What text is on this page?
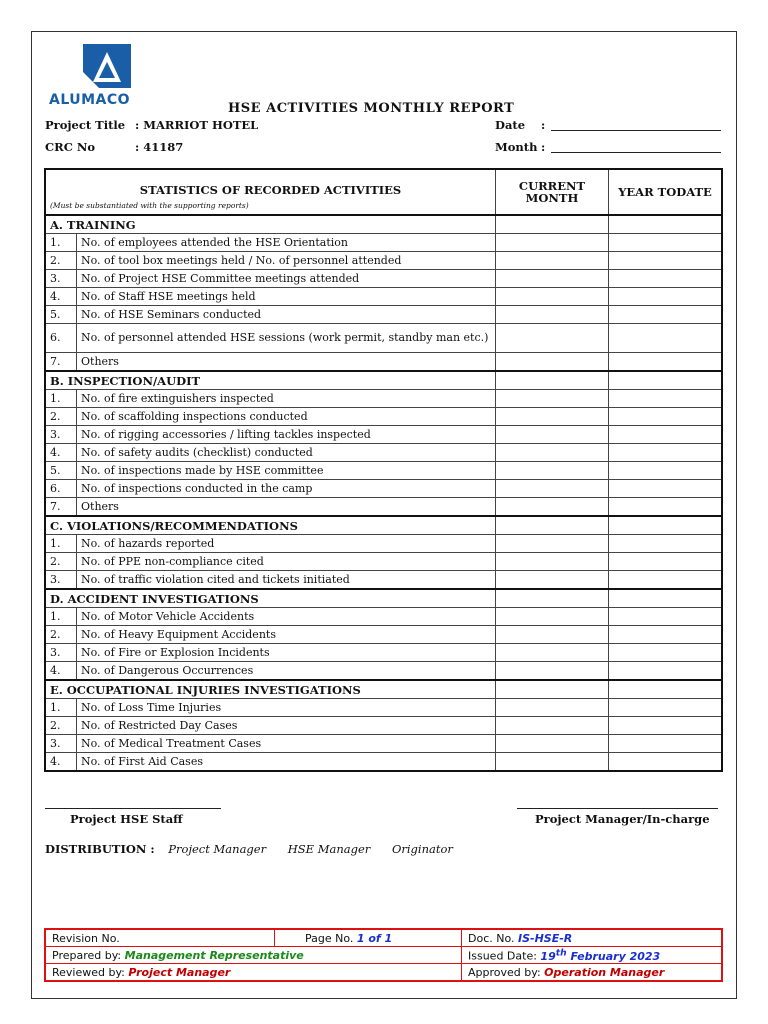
ALUMACO
HSE ACTIVITIES MONTHLY REPORT
Project Title : MARRIOT HOTEL
CRC No	: 41187
Date :
Month :
STATISTICS OF RECORDED ACTIVITIES
(Must be substantiated with the supporting reports)		CURRENT MONTH	YEAR TODATE
A. TRAINING			
1.	No. of employees attended the HSE Orientation		
2.	No. of tool box meetings held / No. of personnel attended		
3.	No. of Project HSE Committee meetings attended		
4.	No. of Staff HSE meetings held		
5.	No. of HSE Seminars conducted		
6.	No. of personnel attended HSE sessions (work permit, standby man etc.)		
7.	Others		
B. INSPECTION/AUDIT			
1.	No. of fire extinguishers inspected		
2.	No. of scaffolding inspections conducted		
3.	No. of rigging accessories / lifting tackles inspected		
4.	No. of safety audits (checklist) conducted		
5.	No. of inspections made by HSE committee		
6.	No. of inspections conducted in the camp		
7.	Others		
C. VIOLATIONS/RECOMMENDATIONS			
1.	No. of hazards reported		
2.	No. of PPE non-compliance cited		
3.	No. of traffic violation cited and tickets initiated		
D. ACCIDENT INVESTIGATIONS			
1.	No. of Motor Vehicle Accidents		
2.	No. of Heavy Equipment Accidents		
3.	No. of Fire or Explosion Incidents		
4.	No. of Dangerous Occurrences		
E. OCCUPATIONAL INJURIES INVESTIGATIONS			
1.	No. of Loss Time Injuries		
2.	No. of Restricted Day Cases		
3.	No. of Medical Treatment Cases		
4.	No. of First Aid Cases		
Project HSE Staff	Project Manager/In-charge
DISTRIBUTION : Project Manager HSE Manager Originator
Revision No.	Page No. 1 of 1	Doc. No. IS-HSE-R
Prepared by: Management Representative		Issued Date: 19th February 2023
Reviewed by: Project Manager		Approved by: Operation Manager
